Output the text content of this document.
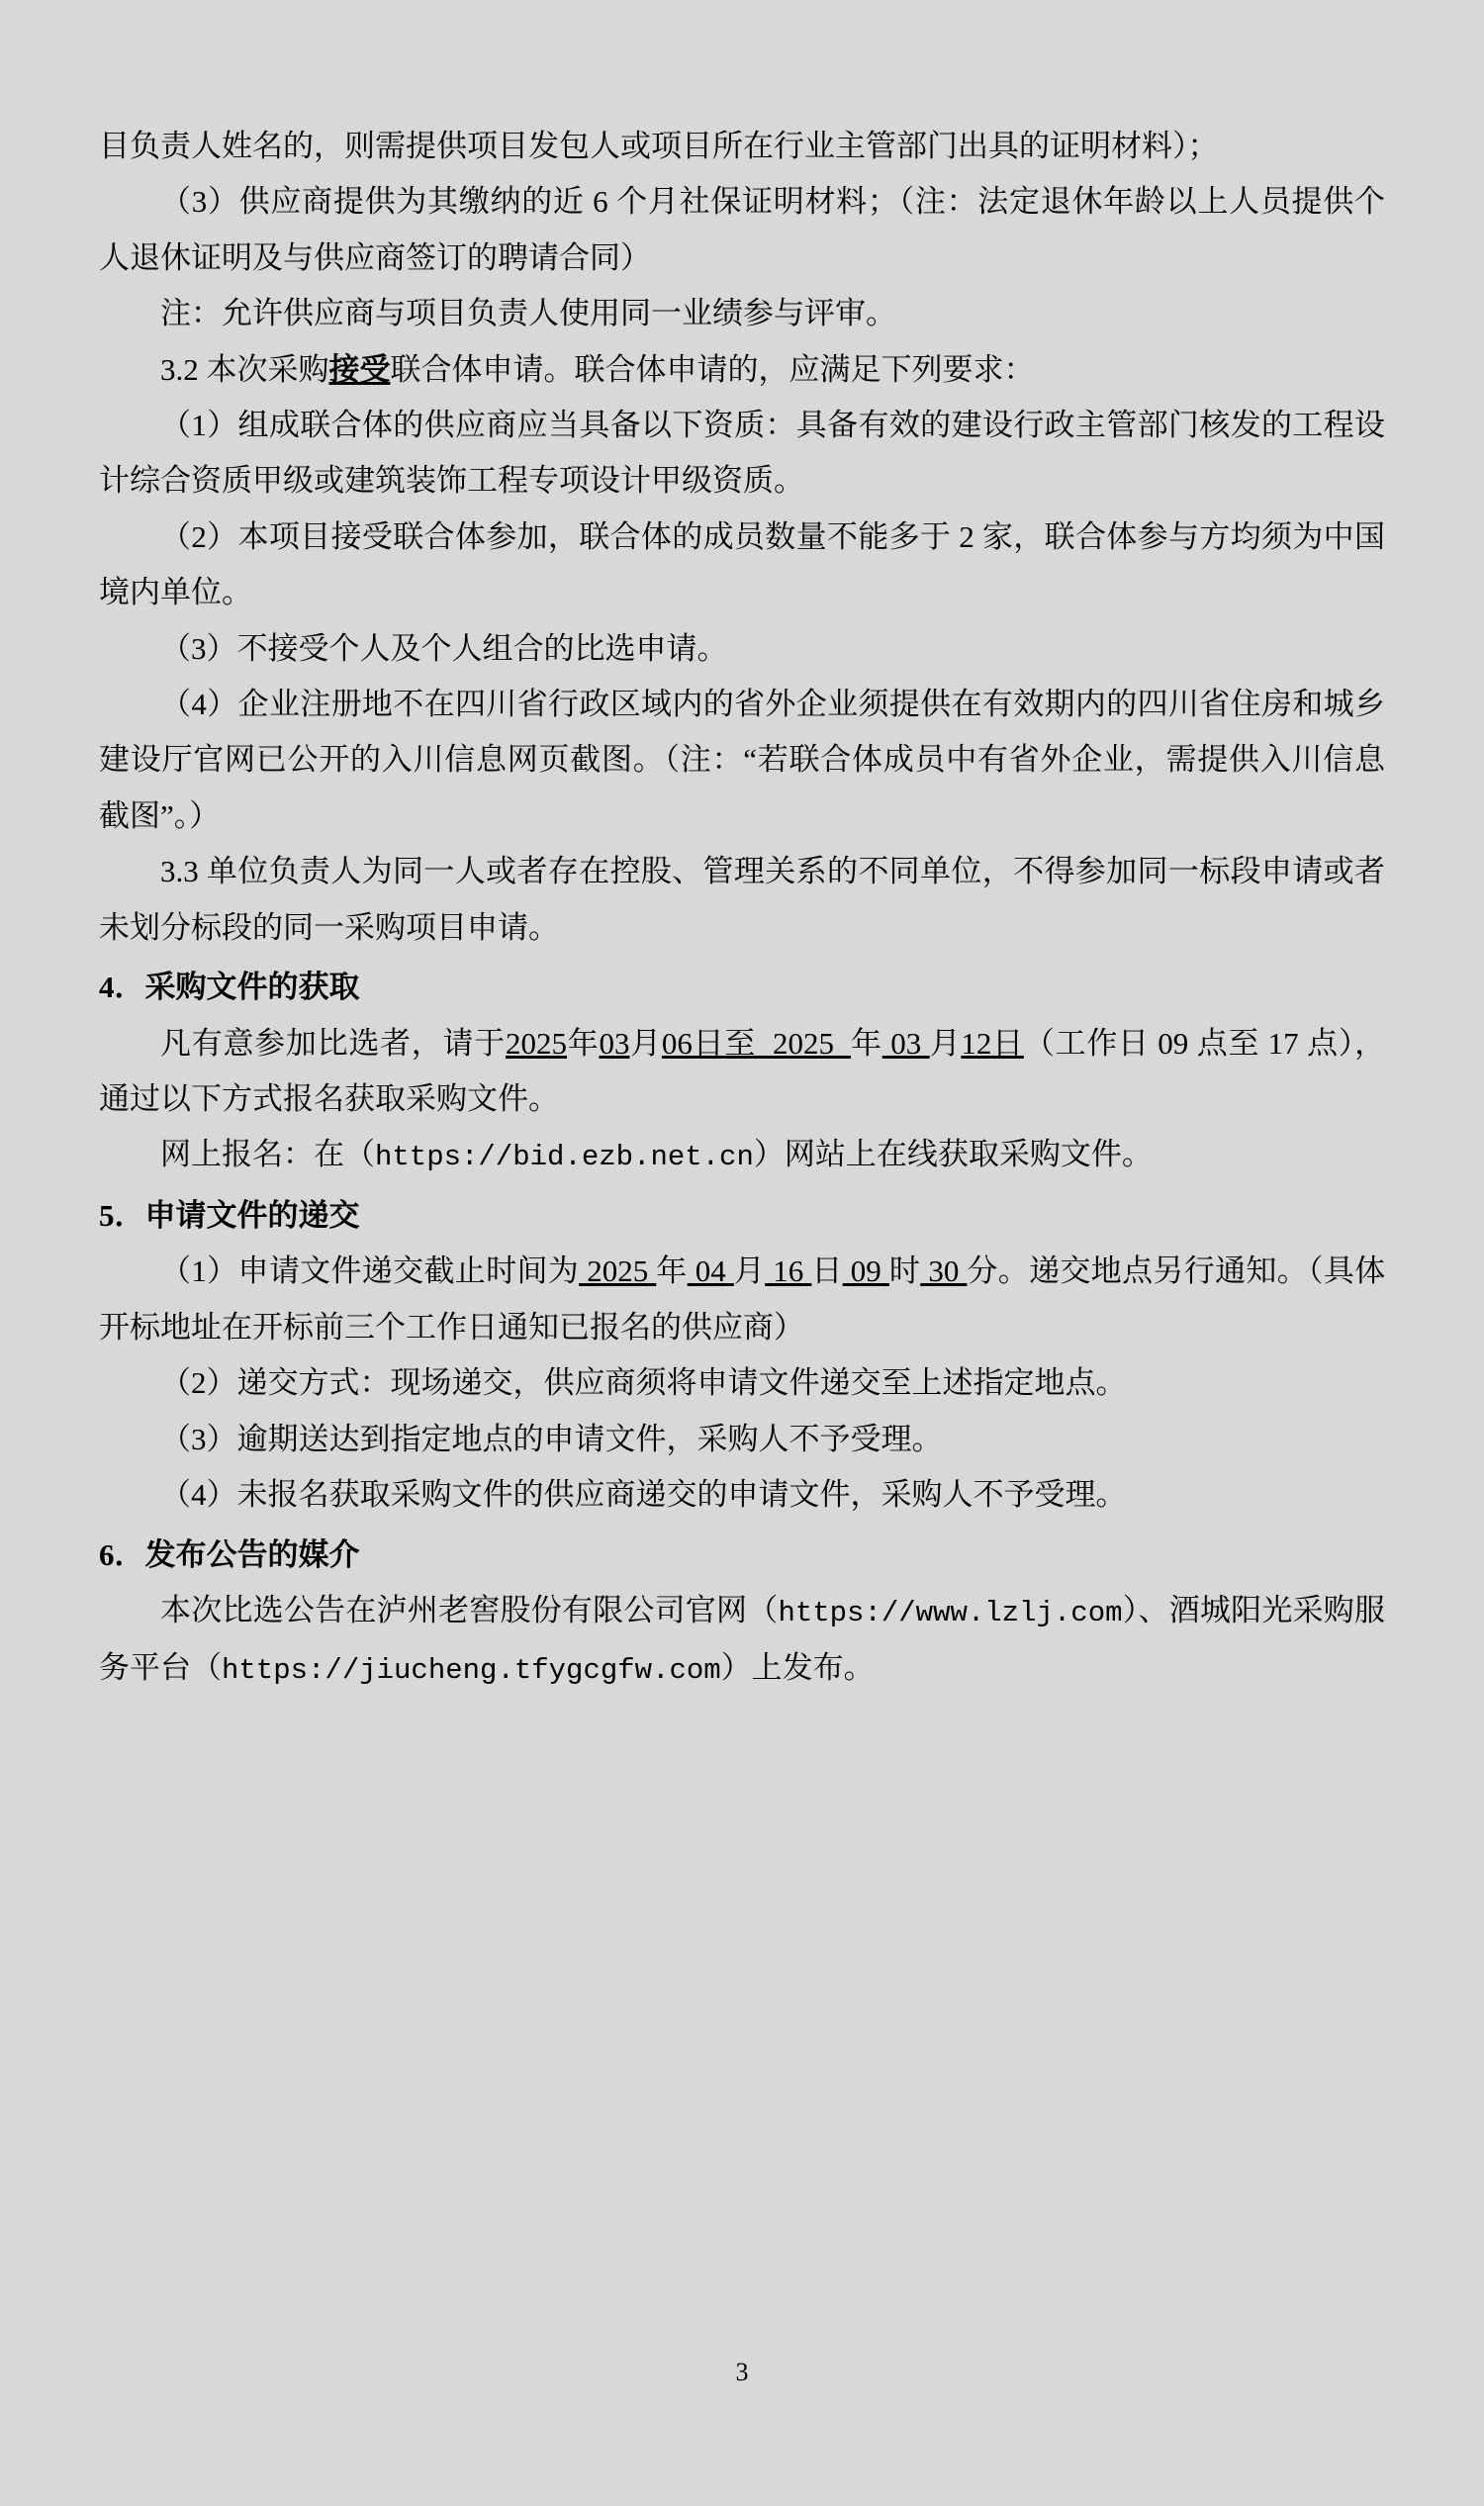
目负责人姓名的，则需提供项目发包人或项目所在行业主管部门出具的证明材料）；

（3）供应商提供为其缴纳的近 6 个月社保证明材料；（注：法定退休年龄以上人员提供个人退休证明及与供应商签订的聘请合同）

注：允许供应商与项目负责人使用同一业绩参与评审。

3.2 本次采购接受联合体申请。联合体申请的，应满足下列要求：

（1）组成联合体的供应商应当具备以下资质：具备有效的建设行政主管部门核发的工程设计综合资质甲级或建筑装饰工程专项设计甲级资质。

（2）本项目接受联合体参加，联合体的成员数量不能多于 2 家，联合体参与方均须为中国境内单位。

（3）不接受个人及个人组合的比选申请。

（4）企业注册地不在四川省行政区域内的省外企业须提供在有效期内的四川省住房和城乡建设厅官网已公开的入川信息网页截图。（注：“若联合体成员中有省外企业，需提供入川信息截图”。）

3.3 单位负责人为同一人或者存在控股、管理关系的不同单位，不得参加同一标段申请或者未划分标段的同一采购项目申请。

4．采购文件的获取

凡有意参加比选者，请于2025年03月06日至 2025 年 03 月12日（工作日 09 点至 17 点），通过以下方式报名获取采购文件。

网上报名：在（https://bid.ezb.net.cn）网站上在线获取采购文件。

5．申请文件的递交

（1）申请文件递交截止时间为 2025 年 04 月 16 日 09 时 30 分。递交地点另行通知。（具体开标地址在开标前三个工作日通知已报名的供应商）

（2）递交方式：现场递交，供应商须将申请文件递交至上述指定地点。

（3）逾期送达到指定地点的申请文件，采购人不予受理。

（4）未报名获取采购文件的供应商递交的申请文件，采购人不予受理。

6．发布公告的媒介

本次比选公告在泸州老窖股份有限公司官网（https://www.lzlj.com）、酒城阳光采购服务平台（https://jiucheng.tfygcgfw.com）上发布。

3
